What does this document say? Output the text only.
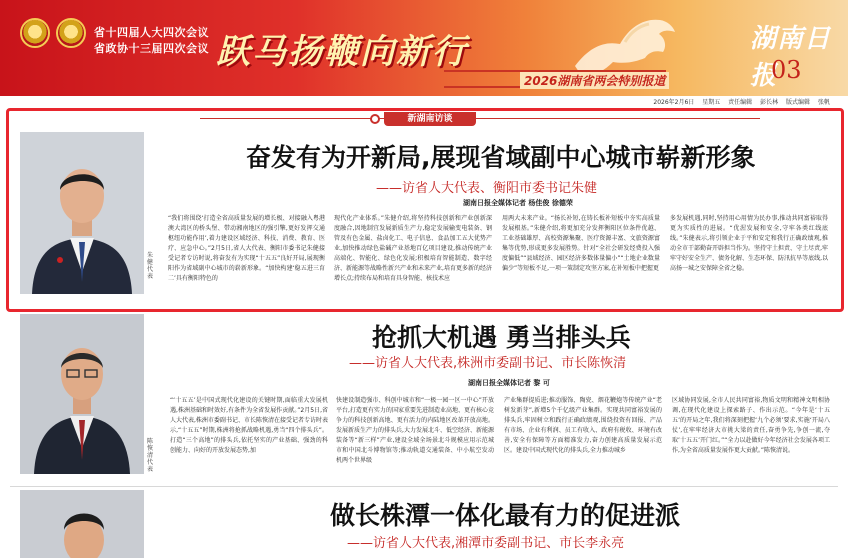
省十四届人大四次会议
省政协十三届四次会议 跃马扬鞭向新行
2026湖南省两会特别报道
湖南日报
03
2026年2月6日 星期五 责任编辑 彭长林 版式编辑 张帆
新湖南访谈
朱健代表
奋发有为开新局,展现省域副中心城市崭新形象
——访省人大代表、衡阳市委书记朱健
湖南日报全媒体记者 杨佳俊 徐德荣
“我们将围绕‘打造全省高质量发展的增长极、对接融入粤港澳大湾区的桥头堡、带动湘南地区的强引擎,更好发挥交通枢纽功能作用’,着力建设区域经济、科技、消费、教育、医疗、应急中心。”2月5日,省人大代表、衡阳市委书记朱健接受记者专访时说,将奋发有为实现“十五五”良好开局,展现衡阳作为省域副中心城市的崭新形象。“加快构建‘稳五进三育二’具有衡阳特色的
现代化产业体系。”朱健介绍,将坚持科技创新和产业创新深度融合,因地制宜发展新质生产力,稳定发展输变电装备、钢管及有色金属、盐卤化工、电子信息、食品加工五大优势产业,加快推动绿色盐碱产业基地百亿项目建设,推动传统产业高端化、智能化、绿色化发展;积极培育智能制造、数字经济、新能源等战略性新兴产业和未来产业,培育更多新的经济增长点;持续布局和培育具身智能、核技术应
用两大未来产业。“扬长补短,在铸长板补短板中夯实高质量发展根基。”朱健介绍,将更加充分发挥衡阳区位条件优越、工业基础雄厚、高校资源集聚、医疗资源丰富、文旅资源富集等优势,形成更多发展胜势。针对“全社会研发经费投入强度偏低”“县域经济、园区经济多数体量偏小”“土地企业数量偏少”等短板不足,一项一策制定攻坚方案,在补短板中把握更
多发展机遇,同时,坚持用心用情为民办事,推动共同富裕取得更为实质性的进展。“优渥发展和安全,守牢各类红线底线。”朱健表示,将引领企业于平和安定和我行正确政绩观,推动全市干部勤奋开辟担当作为。坚持守土担责、守土尽责,牢牢守好安全生产、债务化解、生态环保、防汛抗旱等底线,以高扬一城之安保障全省之稳。
陈恢清代表
抢抓大机遇 勇当排头兵
——访省人大代表,株洲市委副书记、市长陈恢清
湖南日报全媒体记者 黎 可
“‘十五五’是中国式现代化建设的关键时期,面临重大发展机遇,株洲基础和时效好,有条件为全省发展作贡献。”2月5日,省人大代表,株洲市委副书记、市长陈恢清在接受记者专访时表示,“十五五”时期,株洲将抢抓战略机遇,勇当“四个排头兵”。打造“三个高地”的排头兵,依托坚实的产业基础、强劲的科创能力、向好的开放发展态势,加
快建设制造强市、科创中城市和“一极一园一区一中心”开放平台,打造更有实力的国家重要先进制造业高地、更有核心竞争力的科技创新高地、更有活力的内陆地区改革开放高地。发展新质生产力的排头兵,大力发展北斗、低空经济、新能源装备等“新三样”产业,建设全域全场景北斗规模应用示范城市和中国北斗博物馆等;推动轨道交通装备、中小航空发动机两个世界级
产业集群提质进;推动服饰、陶瓷、烟花鞭炮等传统产业“老树发新芽”,新增5个千亿级产业集群。实现共同富裕发展的排头兵,牢固树立和践行正确政绩观,围绕投资有回报、产品有市场、企业有利润、员工有收入、政府有税收、环境有改善,安全有保障等方面精准发力,奋力创建高质量发展示范区。建设中国式现代化的排头兵,全力推动城乡
区域协同发展,全市人民共同富裕,物质文明和精神文明相协调,在现代化建设上探索路子、作出示范。“今年是‘十五五’的开局之年,我们将深刻把握‘九个必须’要求,实施‘开局八仗’,在牢牢经济大市挑大梁的责任,奋勇争先,争创一流,夺取’十五五’开门红。”“全力以赴做好今年经济社会发展各项工作,为全省高质量发展作更大贡献。”陈恢清说。
做长株潭一体化最有力的促进派
——访省人大代表,湘潭市委副书记、市长李永亮
